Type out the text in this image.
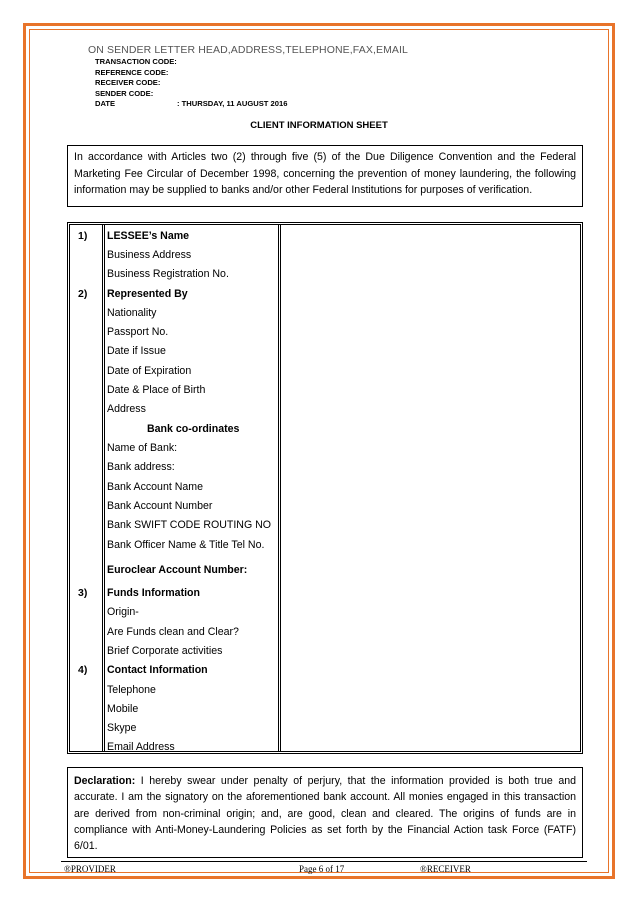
ON SENDER LETTER HEAD,ADDRESS,TELEPHONE,FAX,EMAIL
TRANSACTION CODE:
REFERENCE CODE:
RECEIVER CODE:
SENDER CODE:
DATE	: THURSDAY, 11 AUGUST 2016
CLIENT INFORMATION SHEET
In accordance with Articles two (2) through five (5) of the Due Diligence Convention and the Federal Marketing Fee Circular of December 1998, concerning the prevention of money laundering, the following information may be supplied to banks and/or other Federal Institutions for purposes of verification.
1) LESSEE’s Name
Business Address
Business Registration No.
2) Represented By
Nationality
Passport No.
Date if Issue
Date of Expiration
Date & Place of Birth
Address
Bank co-ordinates
Name of Bank:
Bank address:
Bank Account Name
Bank Account Number
Bank SWIFT CODE ROUTING NO
Bank Officer Name & Title Tel No.
Euroclear Account Number:
3) Funds Information
Origin-
Are Funds clean and Clear?
Brief Corporate activities
4) Contact Information
Telephone
Mobile
Skype
Email Address
Declaration: I hereby swear under penalty of perjury, that the information provided is both true and accurate. I am the signatory on the aforementioned bank account. All monies engaged in this transaction are derived from non-criminal origin; and, are good, clean and cleared. The origins of funds are in compliance with Anti-Money-Laundering Policies as set forth by the Financial Action task Force (FATF) 6/01.
®PROVIDER	Page 6 of 17	®RECEIVER
